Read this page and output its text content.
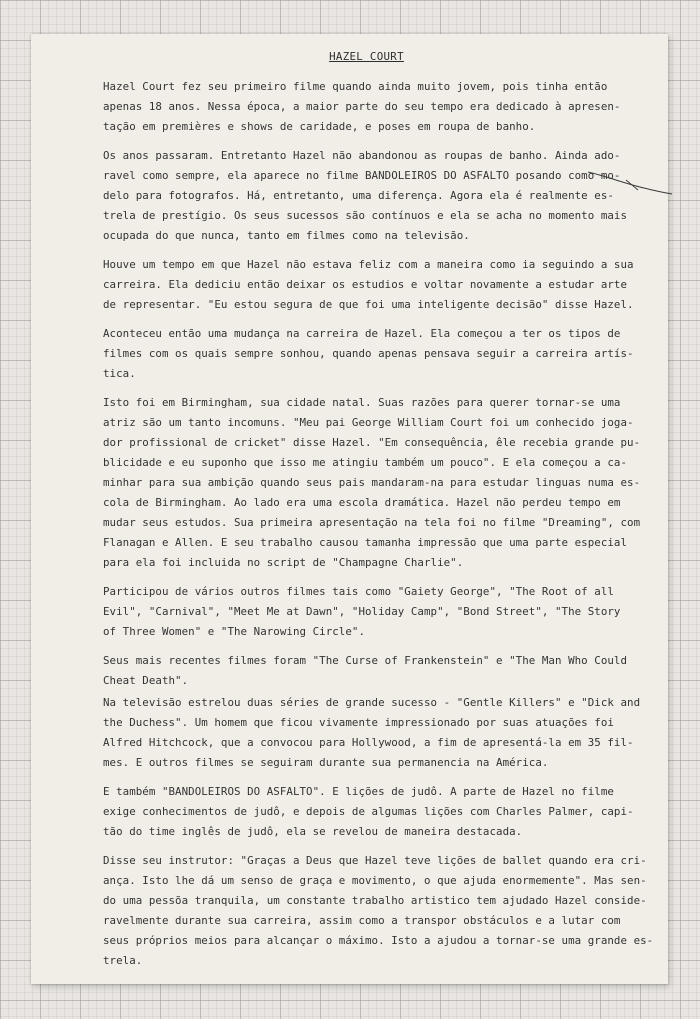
HAZEL COURT
Hazel Court fez seu primeiro filme quando ainda muito jovem, pois tinha então
apenas 18 anos. Nessa época, a maior parte do seu tempo era dedicado à apresen-
tação em premières e shows de caridade, e poses em roupa de banho.
Os anos passaram. Entretanto Hazel não abandonou as roupas de banho. Ainda ado-
ravel como sempre, ela aparece no filme BANDOLEIROS DO ASFALTO posando como mo-
delo para fotografos. Há, entretanto, uma diferença. Agora ela é realmente es-
trela de prestígio. Os seus sucessos são contínuos e ela se acha no momento mais
ocupada do que nunca, tanto em filmes como na televisão.
Houve um tempo em que Hazel não estava feliz com a maneira como ia seguindo a sua
carreira. Ela dediciu então deixar os estudios e voltar novamente a estudar arte
de representar. "Eu estou segura de que foi uma inteligente decisão" disse Hazel.
Aconteceu então uma mudança na carreira de Hazel. Ela começou a ter os tipos de
filmes com os quais sempre sonhou, quando apenas pensava seguir a carreira artís-
tica.
Isto foi em Birmingham, sua cidade natal. Suas razões para querer tornar-se uma
atriz são um tanto incomuns. "Meu pai George William Court foi um conhecido joga-
dor profissional de cricket" disse Hazel. "Em consequência, êle recebia grande pu-
blicidade e eu suponho que isso me atingiu também um pouco". E ela começou a ca-
minhar para sua ambição quando seus pais mandaram-na para estudar linguas numa es-
cola de Birmingham. Ao lado era uma escola dramática. Hazel não perdeu tempo em
mudar seus estudos. Sua primeira apresentação na tela foi no filme "Dreaming", com
Flanagan e Allen. E seu trabalho causou tamanha impressão que uma parte especial
para ela foi incluida no script de "Champagne Charlie".
Participou de vários outros filmes tais como "Gaiety George", "The Root of all
Evil", "Carnival", "Meet Me at Dawn", "Holiday Camp", "Bond Street", "The Story
of Three Women" e "The Narowing Circle".
Seus mais recentes filmes foram "The Curse of Frankenstein" e "The Man Who Could
Cheat Death".
Na televisão estrelou duas séries de grande sucesso - "Gentle Killers" e "Dick and
the Duchess". Um homem que ficou vivamente impressionado por suas atuações foi
Alfred Hitchcock, que a convocou para Hollywood, a fim de apresentá-la em 35 fil-
mes. E outros filmes se seguiram durante sua permanencia na América.
E também "BANDOLEIROS DO ASFALTO". E lições de judô. A parte de Hazel no filme
exige conhecimentos de judô, e depois de algumas lições com Charles Palmer, capi-
tão do time inglês de judô, ela se revelou de maneira destacada.
Disse seu instrutor: "Graças a Deus que Hazel teve lições de ballet quando era cri-
ança. Isto lhe dá um senso de graça e movimento, o que ajuda enormemente". Mas sen-
do uma pessõa tranquila, um constante trabalho artistico tem ajudado Hazel conside-
ravelmente durante sua carreira, assim como a transpor obstáculos e a lutar com
seus próprios meios para alcançar o máximo. Isto a ajudou a tornar-se uma grande es-
trela.
